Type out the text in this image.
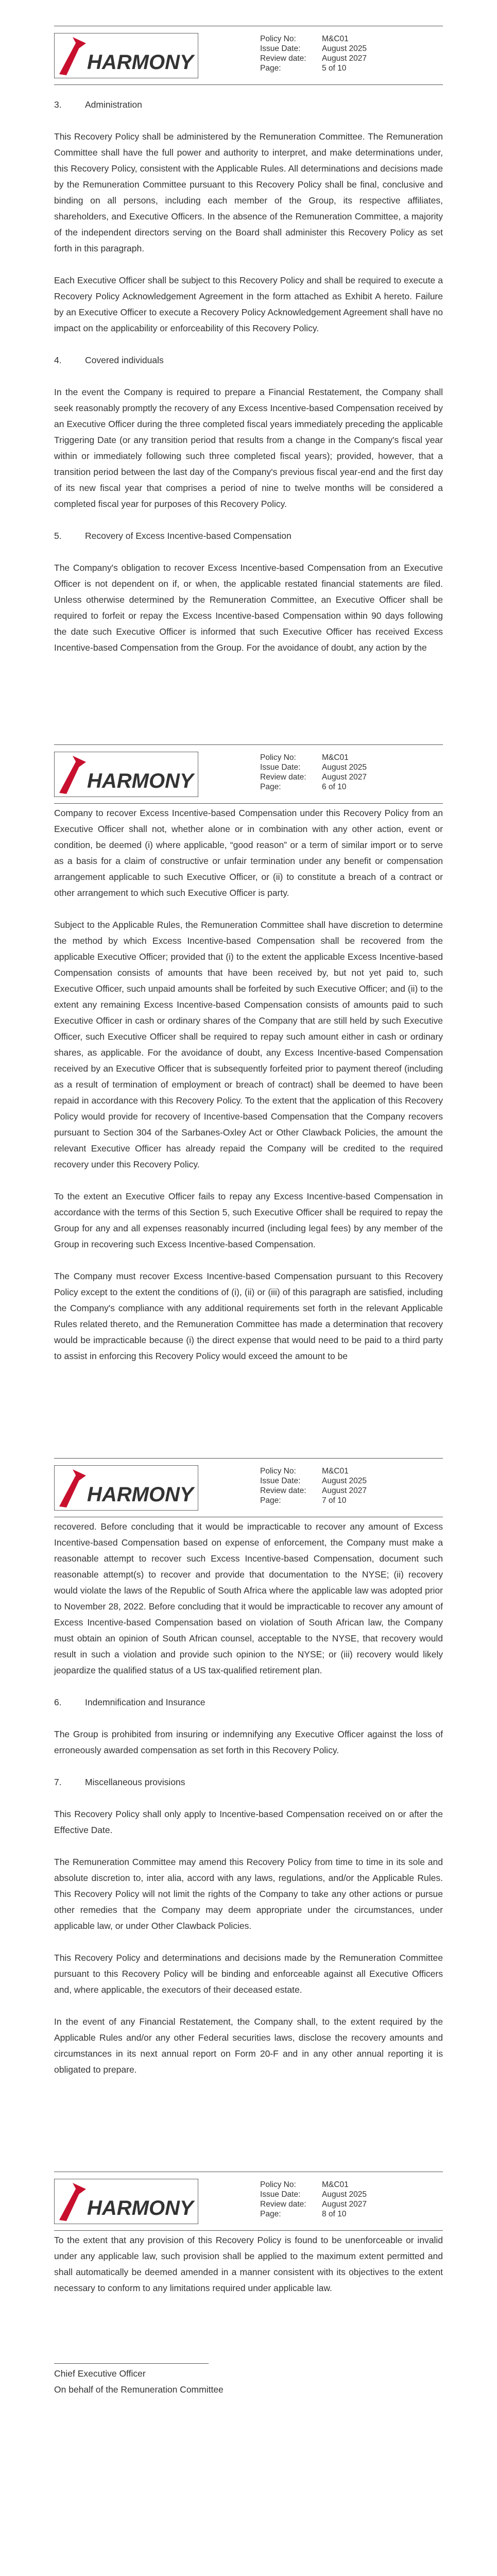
HARMONY
Policy No:	M&C01
Issue Date:	August 2025
Review date:	August 2027
Page:	5 of 10
3.	Administration

This Recovery Policy shall be administered by the Remuneration Committee. The Remuneration Committee shall have the full power and authority to interpret, and make determinations under, this Recovery Policy, consistent with the Applicable Rules. All determinations and decisions made by the Remuneration Committee pursuant to this Recovery Policy shall be final, conclusive and binding on all persons, including each member of the Group, its respective affiliates, shareholders, and Executive Officers. In the absence of the Remuneration Committee, a majority of the independent directors serving on the Board shall administer this Recovery Policy as set forth in this paragraph.

Each Executive Officer shall be subject to this Recovery Policy and shall be required to execute a Recovery Policy Acknowledgement Agreement in the form attached as Exhibit A hereto. Failure by an Executive Officer to execute a Recovery Policy Acknowledgement Agreement shall have no impact on the applicability or enforceability of this Recovery Policy.

4.	Covered individuals

In the event the Company is required to prepare a Financial Restatement, the Company shall seek reasonably promptly the recovery of any Excess Incentive-based Compensation received by an Executive Officer during the three completed fiscal years immediately preceding the applicable Triggering Date (or any transition period that results from a change in the Company's fiscal year within or immediately following such three completed fiscal years); provided, however, that a transition period between the last day of the Company's previous fiscal year-end and the first day of its new fiscal year that comprises a period of nine to twelve months will be considered a completed fiscal year for purposes of this Recovery Policy.

5.	Recovery of Excess Incentive-based Compensation

The Company's obligation to recover Excess Incentive-based Compensation from an Executive Officer is not dependent on if, or when, the applicable restated financial statements are filed. Unless otherwise determined by the Remuneration Committee, an Executive Officer shall be required to forfeit or repay the Excess Incentive-based Compensation within 90 days following the date such Executive Officer is informed that such Executive Officer has received Excess Incentive-based Compensation from the Group. For the avoidance of doubt, any action by the

HARMONY
Policy No:	M&C01
Issue Date:	August 2025
Review date:	August 2027
Page:	6 of 10

Company to recover Excess Incentive-based Compensation under this Recovery Policy from an Executive Officer shall not, whether alone or in combination with any other action, event or condition, be deemed (i) where applicable, “good reason” or a term of similar import or to serve as a basis for a claim of constructive or unfair termination under any benefit or compensation arrangement applicable to such Executive Officer, or (ii) to constitute a breach of a contract or other arrangement to which such Executive Officer is party.

Subject to the Applicable Rules, the Remuneration Committee shall have discretion to determine the method by which Excess Incentive-based Compensation shall be recovered from the applicable Executive Officer; provided that (i) to the extent the applicable Excess Incentive-based Compensation consists of amounts that have been received by, but not yet paid to, such Executive Officer, such unpaid amounts shall be forfeited by such Executive Officer; and (ii) to the extent any remaining Excess Incentive-based Compensation consists of amounts paid to such Executive Officer in cash or ordinary shares of the Company that are still held by such Executive Officer, such Executive Officer shall be required to repay such amount either in cash or ordinary shares, as applicable. For the avoidance of doubt, any Excess Incentive-based Compensation received by an Executive Officer that is subsequently forfeited prior to payment thereof (including as a result of termination of employment or breach of contract) shall be deemed to have been repaid in accordance with this Recovery Policy. To the extent that the application of this Recovery Policy would provide for recovery of Incentive-based Compensation that the Company recovers pursuant to Section 304 of the Sarbanes-Oxley Act or Other Clawback Policies, the amount the relevant Executive Officer has already repaid the Company will be credited to the required recovery under this Recovery Policy.

To the extent an Executive Officer fails to repay any Excess Incentive-based Compensation in accordance with the terms of this Section 5, such Executive Officer shall be required to repay the Group for any and all expenses reasonably incurred (including legal fees) by any member of the Group in recovering such Excess Incentive-based Compensation.

The Company must recover Excess Incentive-based Compensation pursuant to this Recovery Policy except to the extent the conditions of (i), (ii) or (iii) of this paragraph are satisfied, including the Company's compliance with any additional requirements set forth in the relevant Applicable Rules related thereto, and the Remuneration Committee has made a determination that recovery would be impracticable because (i) the direct expense that would need to be paid to a third party to assist in enforcing this Recovery Policy would exceed the amount to be

HARMONY
Policy No:	M&C01
Issue Date:	August 2025
Review date:	August 2027
Page:	7 of 10

recovered. Before concluding that it would be impracticable to recover any amount of Excess Incentive-based Compensation based on expense of enforcement, the Company must make a reasonable attempt to recover such Excess Incentive-based Compensation, document such reasonable attempt(s) to recover and provide that documentation to the NYSE; (ii) recovery would violate the laws of the Republic of South Africa where the applicable law was adopted prior to November 28, 2022. Before concluding that it would be impracticable to recover any amount of Excess Incentive-based Compensation based on violation of South African law, the Company must obtain an opinion of South African counsel, acceptable to the NYSE, that recovery would result in such a violation and provide such opinion to the NYSE; or (iii) recovery would likely jeopardize the qualified status of a US tax-qualified retirement plan.

6.	Indemnification and Insurance

The Group is prohibited from insuring or indemnifying any Executive Officer against the loss of erroneously awarded compensation as set forth in this Recovery Policy.

7.	Miscellaneous provisions

This Recovery Policy shall only apply to Incentive-based Compensation received on or after the Effective Date.

The Remuneration Committee may amend this Recovery Policy from time to time in its sole and absolute discretion to, inter alia, accord with any laws, regulations, and/or the Applicable Rules. This Recovery Policy will not limit the rights of the Company to take any other actions or pursue other remedies that the Company may deem appropriate under the circumstances, under applicable law, or under Other Clawback Policies.

This Recovery Policy and determinations and decisions made by the Remuneration Committee pursuant to this Recovery Policy will be binding and enforceable against all Executive Officers and, where applicable, the executors of their deceased estate.

In the event of any Financial Restatement, the Company shall, to the extent required by the Applicable Rules and/or any other Federal securities laws, disclose the recovery amounts and circumstances in its next annual report on Form 20-F and in any other annual reporting it is obligated to prepare.

HARMONY
Policy No:	M&C01
Issue Date:	August 2025
Review date:	August 2027
Page:	8 of 10

To the extent that any provision of this Recovery Policy is found to be unenforceable or invalid under any applicable law, such provision shall be applied to the maximum extent permitted and shall automatically be deemed amended in a manner consistent with its objectives to the extent necessary to conform to any limitations required under applicable law.

Chief Executive Officer

On behalf of the Remuneration Committee
